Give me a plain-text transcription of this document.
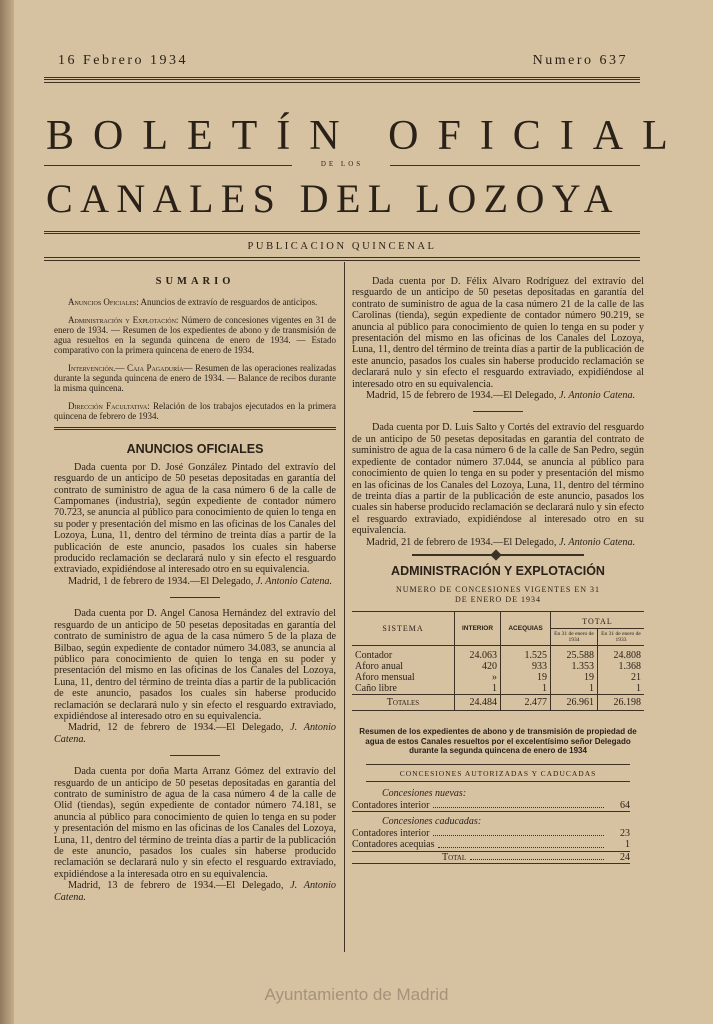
16 Febrero 1934	Numero 637
BOLETÍN OFICIAL
DE LOS
CANALES DEL LOZOYA
PUBLICACION QUINCENAL
SUMARIO
Anuncios Oficiales: Anuncios de extravío de resguardos de anticipos.
Administración y Explotación: Número de concesiones vigentes en 31 de enero de 1934. — Resumen de los expedientes de abono y de transmisión de agua resueltos en la segunda quincena de enero de 1934. — Estado comparativo con la primera quincena de enero de 1934.
Intervención.— Caja Pagaduría— Resumen de las operaciones realizadas durante la segunda quincena de enero de 1934. — Balance de recibos durante la misma quincena.
Dirección Facultativa: Relación de los trabajos ejecutados en la primera quincena de febrero de 1934.
ANUNCIOS OFICIALES

Dada cuenta por D. José González Pintado del extravío del resguardo de un anticipo de 50 pesetas depositadas en garantía del contrato de suministro de agua de la casa número 6 de la calle de Campomanes (industria), según expediente de contador número 70.723, se anuncia al público para conocimiento de quien lo tenga en su poder y presentación del mismo en las oficinas de los Canales del Lozoya, Luna, 11, dentro del término de treinta días a partir de la publicación de este anuncio, pasados los cuales sin haberse producido reclamación se declarará nulo y sin efecto el resguardo extraviado, expidiéndose al interesado otro en su equivalencia.

Madrid, 1 de febrero de 1934.—El Delegado, J. Antonio Catena.

Dada cuenta por D. Angel Canosa Hernández del extravío del resguardo de un anticipo de 50 pesetas depositadas en garantía del contrato de suministro de agua de la casa número 5 de la plaza de Bilbao, según expediente de contador número 34.083, se anuncia al público para conocimiento de quien lo tenga en su poder y presentación del mismo en las oficinas de los Canales del Lozoya, Luna, 11, dentro del término de treinta días a partir de la publicación de este anuncio, pasados los cuales sin haberse producido reclamación se declarará nulo y sin efecto el resguardo extraviado, expidiéndose al interesado otro en su equivalencia.

Madrid, 12 de febrero de 1934.—El Delegado, J. Antonio Catena.

Dada cuenta por doña Marta Arranz Gómez del extravío del resguardo de un anticipo de 50 pesetas depositadas en garantía del contrato de suministro de agua de la casa número 4 de la calle de Olid (tiendas), según expediente de contador número 74.181, se anuncia al público para conocimiento de quien lo tenga en su poder y presentación del mismo en las oficinas de los Canales del Lozoya, Luna, 11, dentro del término de treinta días a partir de la publicación de este anuncio, pasados los cuales sin haberse producido reclamación se declarará nulo y sin efecto el resguardo extraviado, expidiéndose a la interesada otro en su equivalencia.

Madrid, 13 de febrero de 1934.—El Delegado, J. Antonio Catena.

Dada cuenta por D. Félix Alvaro Rodríguez del extravío del resguardo de un anticipo de 50 pesetas depositadas en garantía del contrato de suministro de agua de la casa número 21 de la calle de las Carolinas (tienda), según expediente de contador número 90.219, se anuncia al público para conocimiento de quien lo tenga en su poder y presentación del mismo en las oficinas de los Canales del Lozoya, Luna, 11, dentro del término de treinta días a partir de la publicación de este anuncio, pasados los cuales sin haberse producido reclamación se declarará nulo y sin efecto el resguardo extraviado, expidiéndose al interesado otro en su equivalencia.

Madrid, 15 de febrero de 1934.—El Delegado, J. Antonio Catena.

Dada cuenta por D. Luis Salto y Cortés del extravío del resguardo de un anticipo de 50 pesetas depositadas en garantía del contrato de suministro de agua de la casa número 6 de la calle de San Pedro, según expediente de contador número 37.044, se anuncia al público para conocimiento de quien lo tenga en su poder y presentación del mismo en las oficinas de los Canales del Lozoya, Luna, 11, dentro del término de treinta días a partir de la publicación de este anuncio, pasados los cuales sin haberse producido reclamación se declarará nulo y sin efecto el resguardo extraviado, expidiéndose al interesado otro en su equivalencia.

Madrid, 21 de febrero de 1934.—El Delegado, J. Antonio Catena.

ADMINISTRACIÓN Y EXPLOTACIÓN
NUMERO DE CONCESIONES VIGENTES EN 31 DE ENERO DE 1934
SISTEMA	INTERIOR	ACEQUIAS	TOTAL	
			En 31 de enero de 1934	En 31 de enero de 1933
Contador	24.063	1.525	25.588	24.808
Aforo anual	420	933	1.353	1.368
Aforo mensual	»	19	19	21
Caño libre	1	1	1	1
Totales	24.484	2.477	26.961	26.198
Resumen de los expedientes de abono y de transmisión de propiedad de agua de estos Canales resueltos por el excelentísimo señor Delegado durante la segunda quincena de enero de 1934
CONCESIONES AUTORIZADAS Y CADUCADAS
Concesiones nuevas:
Contadores interior	64
Concesiones caducadas:
Contadores interior	23
Contadores acequias	1
Total	24
Ayuntamiento de Madrid
